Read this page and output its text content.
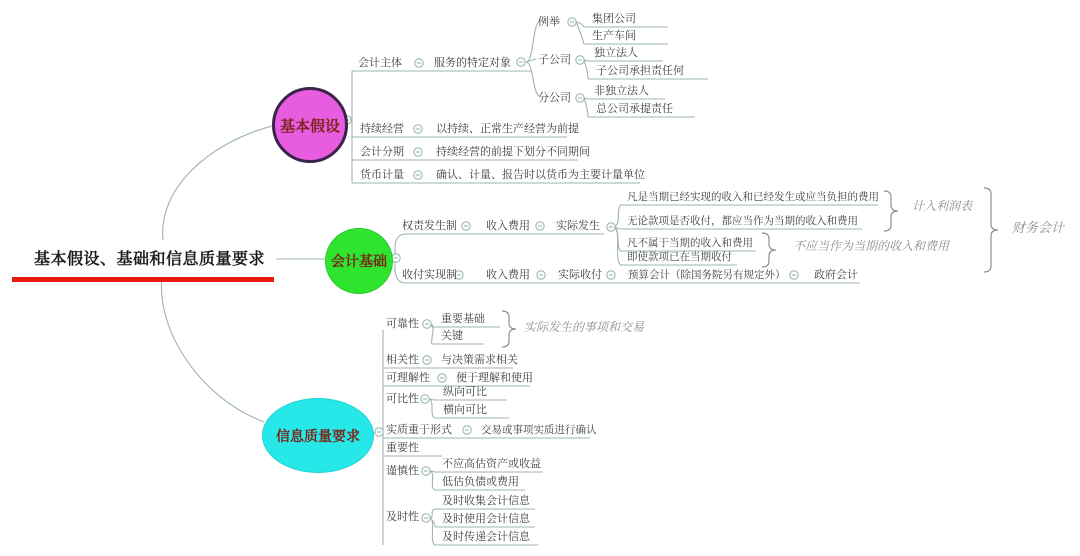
基本假设、基础和信息质量要求
基本假设
会计基础
信息质量要求
会计主体	服务的特定对象
例举	集团公司
生产车间
子公司
独立法人
子公司承担责任何
分公司
非独立法人
总公司承提责任
持续经营	以持续、正常生产经营为前提
会计分期	持续经营的前提下划分不同期间
货币计量	确认、计量、报告时以货币为主要计量单位
权责发生制	收入费用 实际发生
凡是当期已经实现的收入和已经发生或应当负担的费用
无论款项是否收付，都应当作为当期的收入和费用
凡不属于当期的收入和费用
即使款项已在当期收付
计入利润表
不应当作为当期的收入和费用
财务会计
收付实现制	收入费用	实际收付 预算会计（除国务院另有规定外）	政府会计
可靠性 重要基础
关键
实际发生的事项和交易
相关性 与决策需求相关
可理解性 便于理解和使用
可比性
纵向可比
横向可比
实质重于形式	交易或事项实质进行确认
重要性
谨慎性
不应高估资产或收益
低估负债或费用
及时性
及时收集会计信息
及时使用会计信息
及时传递会计信息
